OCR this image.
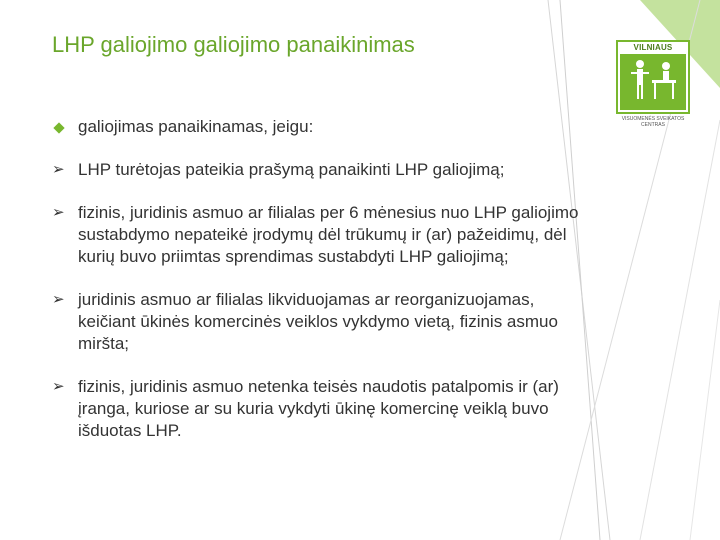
LHP galiojimo galiojimo panaikinimas
galiojimas panaikinamas, jeigu:
➢ LHP turėtojas pateikia prašymą panaikinti LHP galiojimą;
➢ fizinis, juridinis asmuo ar filialas per 6 mėnesius nuo LHP galiojimo sustabdymo nepateikė įrodymų dėl trūkumų ir (ar) pažeidimų, dėl kurių buvo priimtas sprendimas sustabdyti LHP galiojimą;
➢ juridinis asmuo ar filialas likviduojamas ar reorganizuojamas, keičiant ūkinės komercinės veiklos vykdymo vietą, fizinis asmuo miršta;
➢ fizinis, juridinis asmuo netenka teisės naudotis patalpomis ir (ar) įranga, kuriose ar su kuria vykdyti ūkinę komercinę veiklą buvo išduotas LHP.
VILNIAUS
VISUOMENĖS SVEIKATOS CENTRAS
